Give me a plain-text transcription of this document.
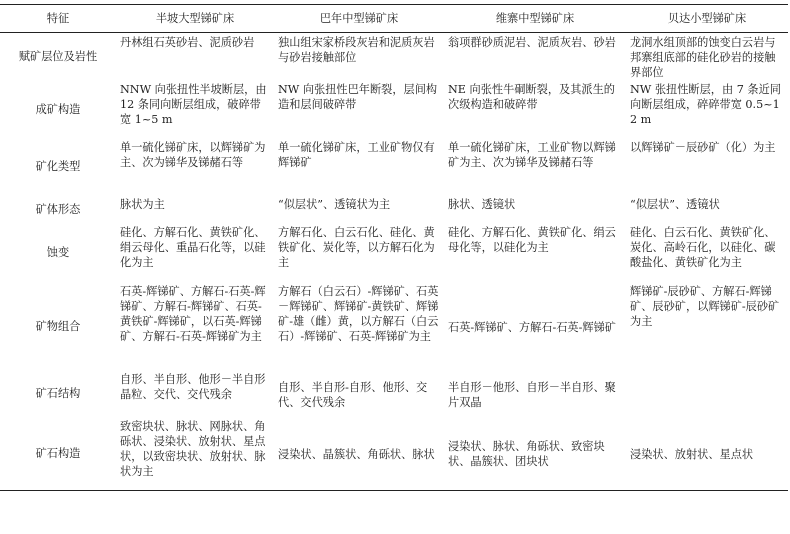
特征	半坡大型锑矿床	巴年中型锑矿床	维寨中型锑矿床	贝达小型锑矿床
赋矿层位及岩性	丹林组石英砂岩、泥质砂岩	独山组宋家桥段灰岩和泥质灰岩与砂岩接触部位	翁项群砂质泥岩、泥质灰岩、砂岩	龙洞水组顶部的蚀变白云岩与邦寨组底部的硅化砂岩的接触界部位
成矿构造	NNW 向张扭性半坡断层，由 12 条同向断层组成，破碎带宽 1~5 m	NW 向张扭性巴年断裂，层间构造和层间破碎带	NE 向张性牛硐断裂，及其派生的次级构造和破碎带	NW 张扭性断层，由 7 条近同向断层组成，碎碎带宽 0.5~12 m
矿化类型	单一硫化锑矿床，以辉锑矿为主、次为锑华及锑赭石等	单一硫化锑矿床，工业矿物仅有辉锑矿	单一硫化锑矿床，工业矿物以辉锑矿为主、次为锑华及锑赭石等	以辉锑矿－辰砂矿（化）为主
矿体形态	脉状为主	“似层状”、透镜状为主	脉状、透镜状	“似层状”、透镜状
蚀变	硅化、方解石化、黄铁矿化、绢云母化、重晶石化等，以硅化为主	方解石化、白云石化、硅化、黄铁矿化、炭化等，以方解石化为主	硅化、方解石化、黄铁矿化、绢云母化等，以硅化为主	硅化、白云石化、黄铁矿化、炭化、高岭石化，以硅化、碳酸盐化、黄铁矿化为主
矿物组合	石英-辉锑矿、方解石-石英-辉锑矿、方解石-辉锑矿、石英-黄铁矿-辉锑矿，以石英-辉锑矿、方解石-石英-辉锑矿为主	方解石（白云石）-辉锑矿、石英－辉锑矿、辉锑矿-黄铁矿、辉锑矿-雄（雌）黄，以方解石（白云石）-辉锑矿、石英-辉锑矿为主	石英-辉锑矿、方解石-石英-辉锑矿	辉锑矿-辰砂矿、方解石-辉锑矿、辰砂矿，以辉锑矿-辰砂矿为主
矿石结构	自形、半自形、他形－半自形晶粒、交代、交代残余	自形、半自形-自形、他形、交代、交代残余	半自形－他形、自形－半自形、聚片双晶	
矿石构造	致密块状、脉状、网脉状、角砾状、浸染状、放射状、星点状，以致密块状、放射状、脉状为主	浸染状、晶簇状、角砾状、脉状	浸染状、脉状、角砾状、致密块状、晶簇状、团块状	浸染状、放射状、星点状
